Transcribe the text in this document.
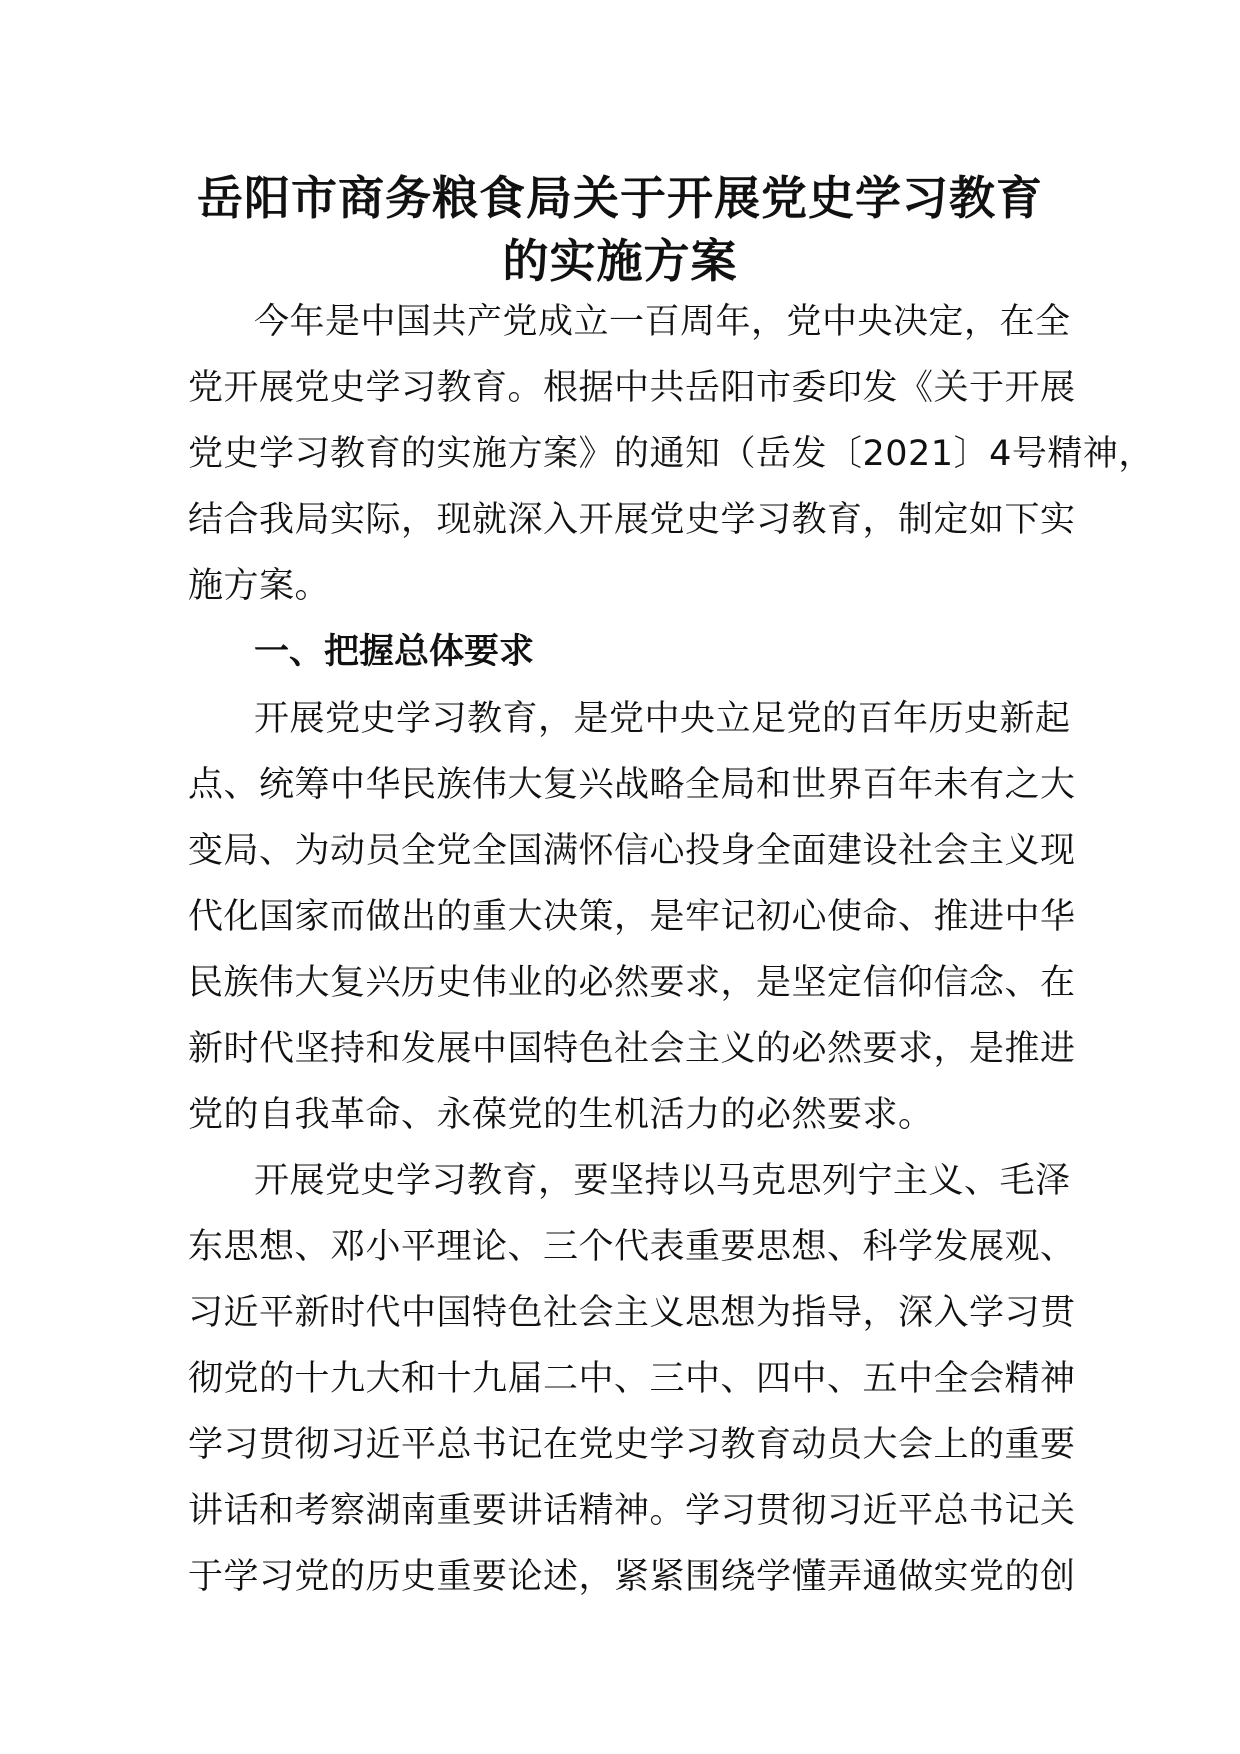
岳阳市商务粮食局关于开展党史学习教育
的实施方案
今年是中国共产党成立一百周年，党中央决定，在全
党开展党史学习教育。根据中共岳阳市委印发《关于开展
党史学习教育的实施方案》的通知（岳发〔2021〕4号精神，
结合我局实际，现就深入开展党史学习教育，制定如下实
施方案。
一、把握总体要求
开展党史学习教育，是党中央立足党的百年历史新起
点、统筹中华民族伟大复兴战略全局和世界百年未有之大
变局、为动员全党全国满怀信心投身全面建设社会主义现
代化国家而做出的重大决策，是牢记初心使命、推进中华
民族伟大复兴历史伟业的必然要求，是坚定信仰信念、在
新时代坚持和发展中国特色社会主义的必然要求，是推进
党的自我革命、永葆党的生机活力的必然要求。
开展党史学习教育，要坚持以马克思列宁主义、毛泽
东思想、邓小平理论、三个代表重要思想、科学发展观、
习近平新时代中国特色社会主义思想为指导，深入学习贯
彻党的十九大和十九届二中、三中、四中、五中全会精神
学习贯彻习近平总书记在党史学习教育动员大会上的重要
讲话和考察湖南重要讲话精神。学习贯彻习近平总书记关
于学习党的历史重要论述，紧紧围绕学懂弄通做实党的创
